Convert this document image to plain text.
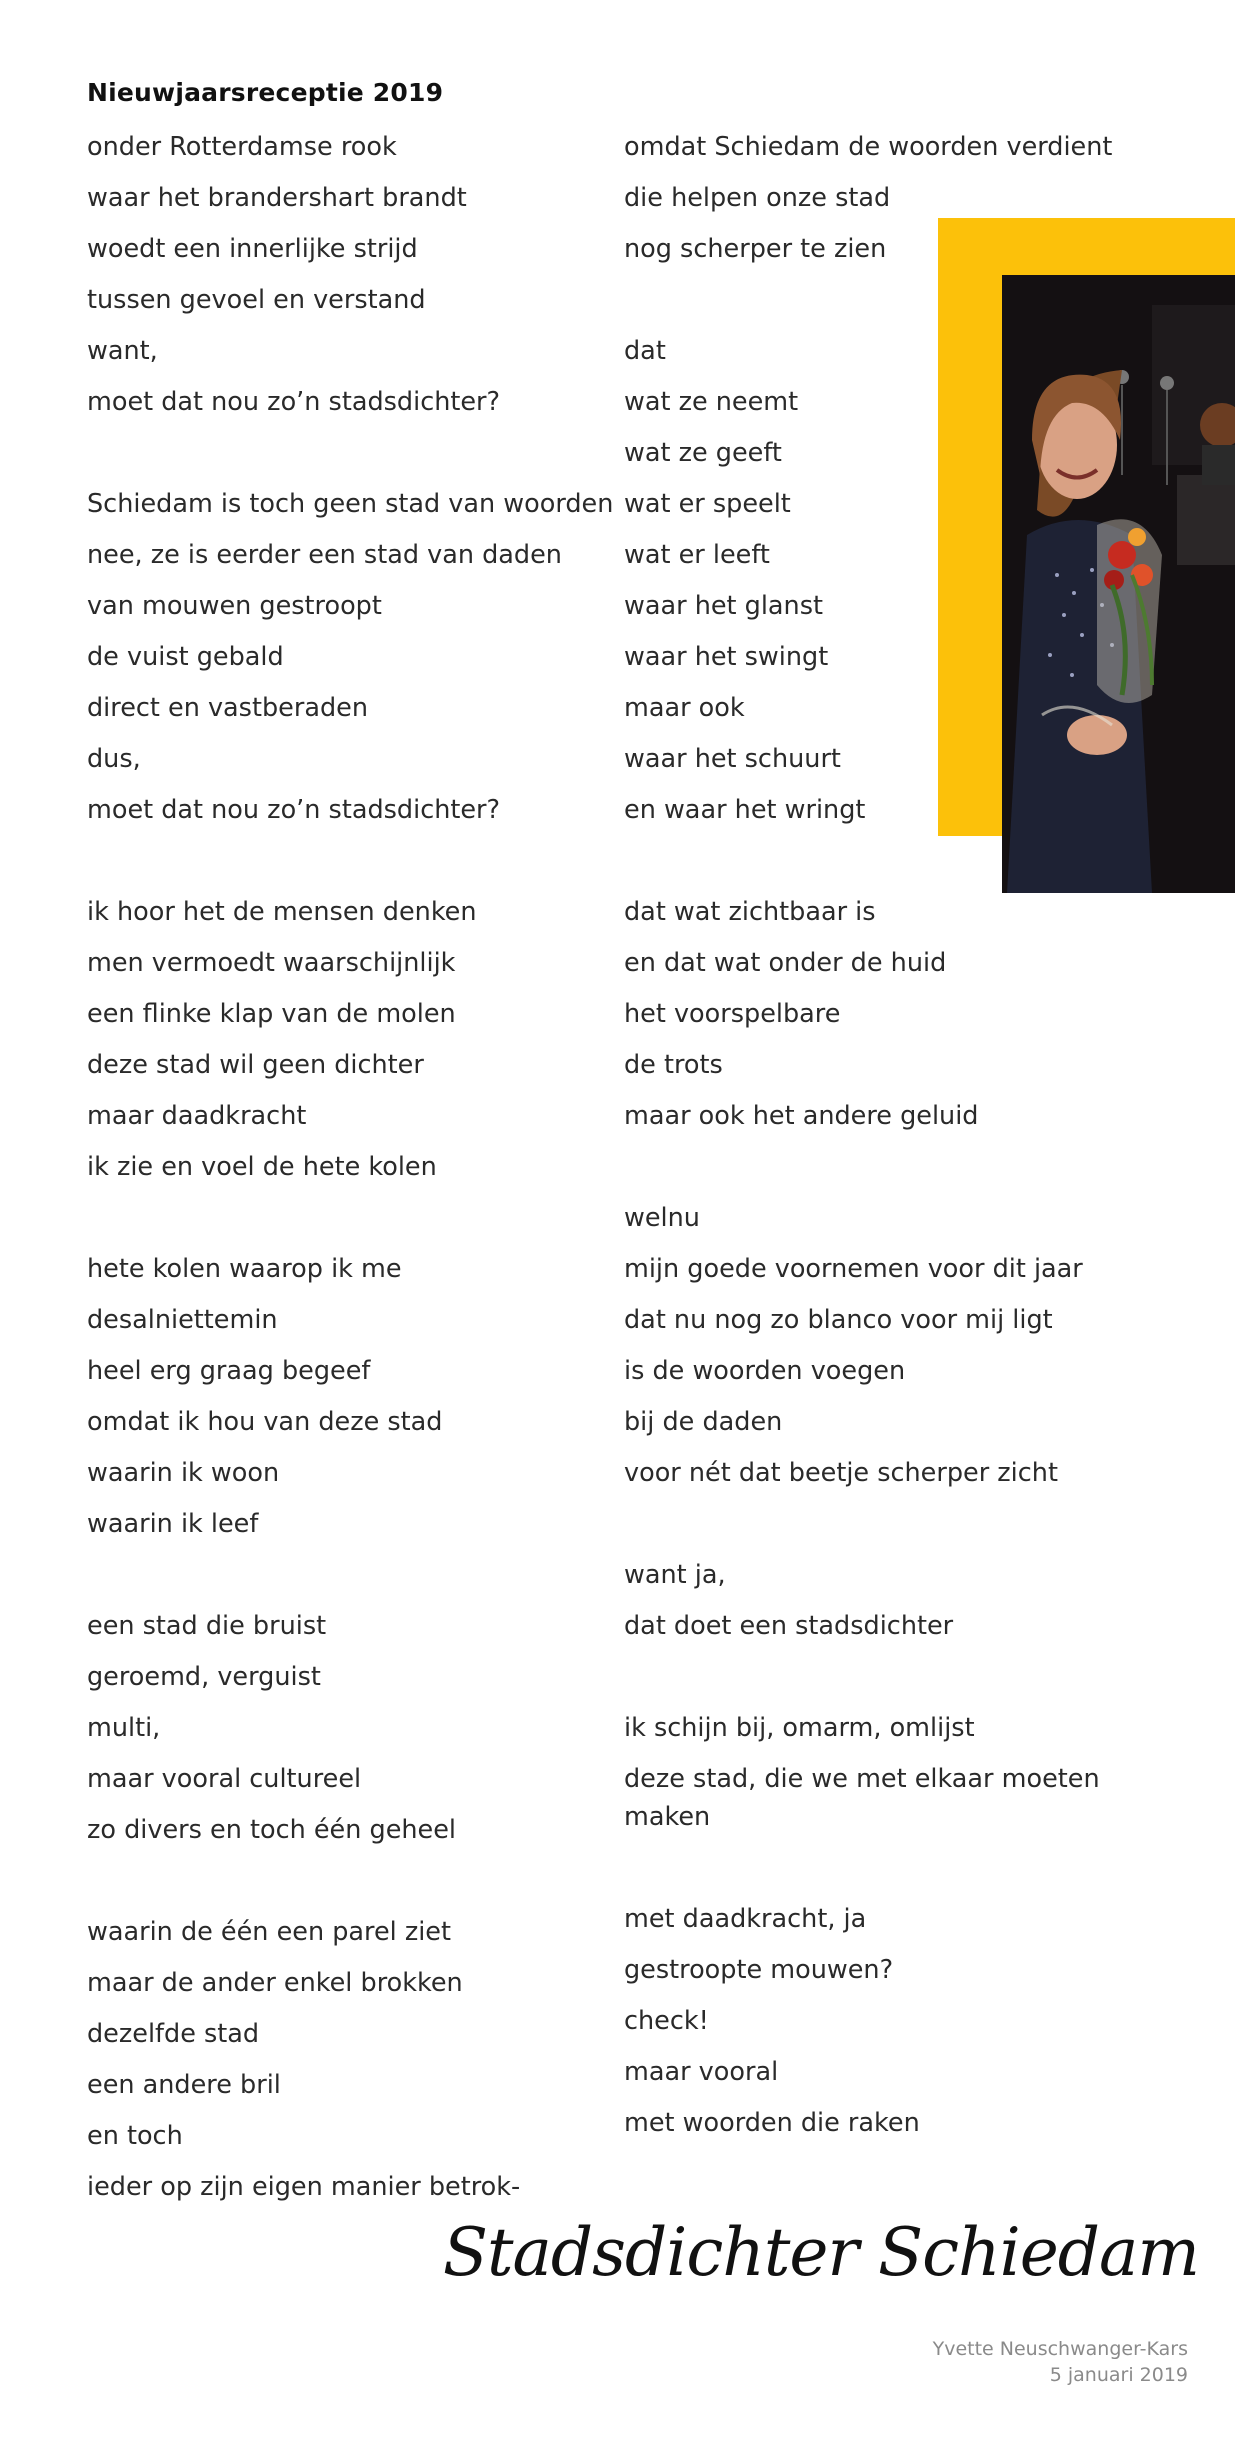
Nieuwjaarsreceptie 2019
onder Rotterdamse rook
waar het brandershart brandt
woedt een innerlijke strijd
tussen gevoel en verstand
want,
moet dat nou zo’n stadsdichter?
Schiedam is toch geen stad van woorden
nee, ze is eerder een stad van daden
van mouwen gestroopt
de vuist gebald
direct en vastberaden
dus,
moet dat nou zo’n stadsdichter?
ik hoor het de mensen denken
men vermoedt waarschijnlijk
een flinke klap van de molen
deze stad wil geen dichter
maar daadkracht
ik zie en voel de hete kolen
hete kolen waarop ik me
desalniettemin
heel erg graag begeef
omdat ik hou van deze stad
waarin ik woon
waarin ik leef
een stad die bruist
geroemd, verguist
multi,
maar vooral cultureel
zo divers en toch één geheel
waarin de één een parel ziet
maar de ander enkel brokken
dezelfde stad
een andere bril
en toch
ieder op zijn eigen manier betrok-
omdat Schiedam de woorden verdient
die helpen onze stad
nog scherper te zien
dat
wat ze neemt
wat ze geeft
wat er speelt
wat er leeft
waar het glanst
waar het swingt
maar ook
waar het schuurt
en waar het wringt
dat wat zichtbaar is
en dat wat onder de huid
het voorspelbare
de trots
maar ook het andere geluid
welnu
mijn goede voornemen voor dit jaar
dat nu nog zo blanco voor mij ligt
is de woorden voegen
bij de daden
voor nét dat beetje scherper zicht
want ja,
dat doet een stadsdichter
ik schijn bij, omarm, omlijst
deze stad, die we met elkaar moeten maken
met daadkracht, ja
gestroopte mouwen?
check!
maar vooral
met woorden die raken
Stadsdichter Schiedam
Yvette Neuschwanger-Kars
5 januari 2019
